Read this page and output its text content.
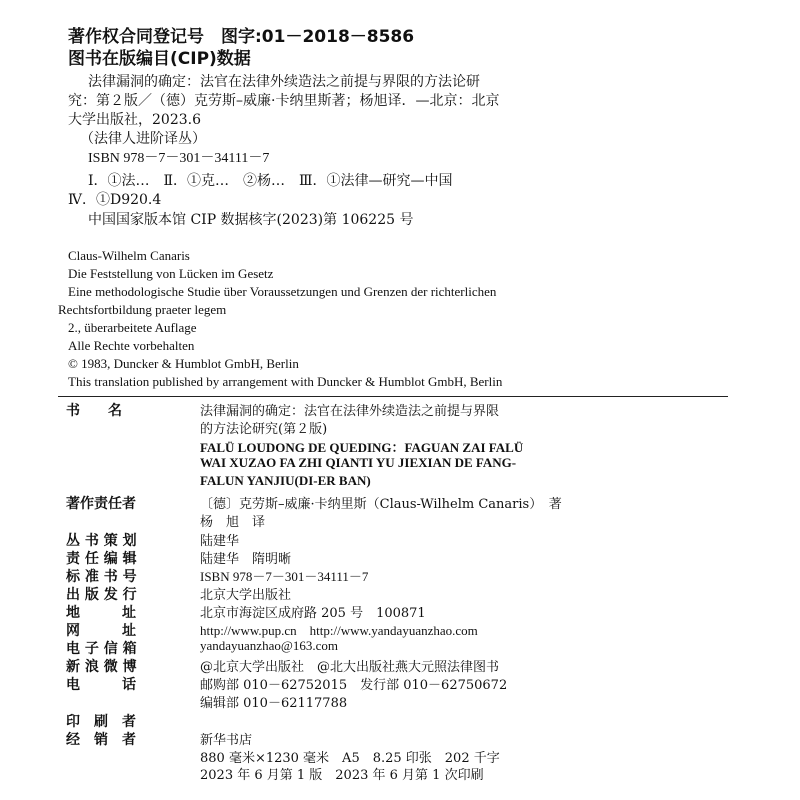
著作权合同登记号　图字:01－2018－8586
图书在版编目(CIP)数据
法律漏洞的确定：法官在法律外续造法之前提与界限的方法论研
究：第２版／（德）克劳斯–威廉·卡纳里斯著；杨旭译．—北京：北京
大学出版社，2023.6
（法律人进阶译丛）
ISBN 978－7－301－34111－7
Ⅰ．①法…　Ⅱ．①克…　②杨…　Ⅲ．①法律—研究—中国
Ⅳ．①D920.4
中国国家版本馆 CIP 数据核字(2023)第 106225 号
Claus-Wilhelm Canaris
Die Feststellung von Lücken im Gesetz
Eine methodologische Studie über Voraussetzungen und Grenzen der richterlichen
Rechtsfortbildung praeter legem
2., überarbeitete Auflage
Alle Rechte vorbehalten
© 1983, Duncker & Humblot GmbH, Berlin
This translation published by arrangement with Duncker & Humblot GmbH, Berlin
书　　名	法律漏洞的确定：法官在法律外续造法之前提与界限
的方法论研究(第２版)
FALÜ LOUDONG DE QUEDING：FAGUAN ZAI FALÜ
WAI XUZAO FA ZHI QIANTI YU JIEXIAN DE FANG-
FALUN YANJIU(DI-ER BAN)
著作责任者	〔德〕克劳斯–威廉·卡纳里斯（Claus-Wilhelm Canaris）　著
杨　旭　译
丛 书 策 划	陆建华
责 任 编 辑	陆建华　隋明晰
标 准 书 号	ISBN 978－7－301－34111－7
出 版 发 行	北京大学出版社
地　　　址	北京市海淀区成府路 205 号　100871
网　　　址	http://www.pup.cn　http://www.yandayuanzhao.com
电 子 信 箱	yandayuanzhao@163.com
新 浪 微 博	@北京大学出版社　@北大出版社燕大元照法律图书
电　　　话	邮购部 010－62752015　发行部 010－62750672
编辑部 010－62117788
印　刷　者
经　销　者	新华书店
880 毫米×1230 毫米　A5　8.25 印张　202 千字
2023 年 6 月第 1 版　2023 年 6 月第 1 次印刷
